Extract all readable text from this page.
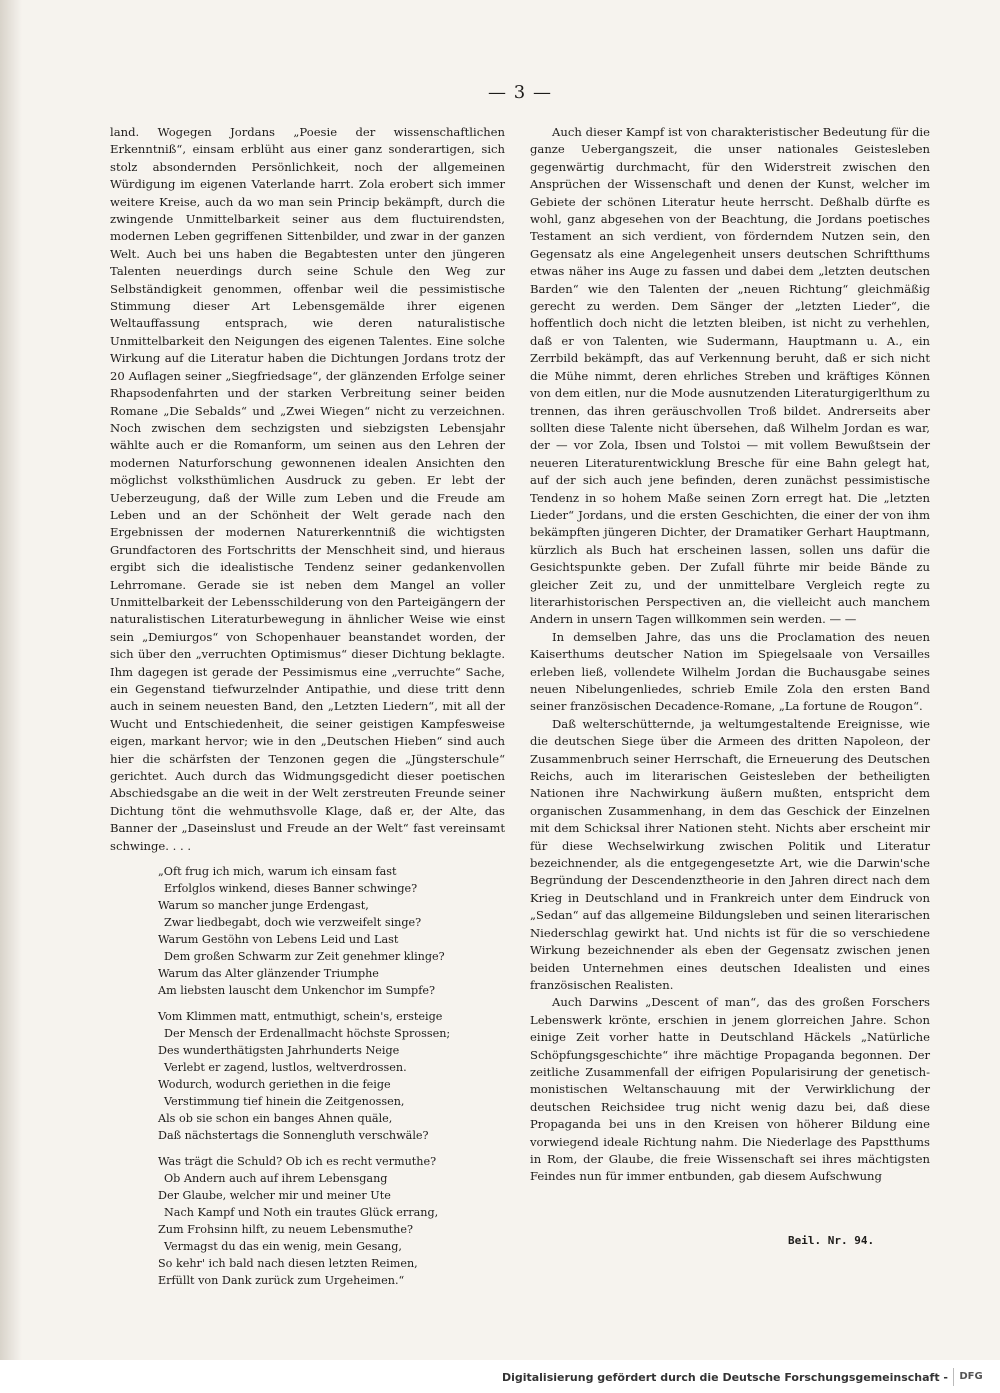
— 3 —

land. Wogegen Jordans „Poesie der wissenschaftlichen Erkenntniß“, einsam erblüht aus einer ganz sonderartigen, sich stolz absondernden Persönlichkeit, noch der allgemeinen Würdigung im eigenen Vaterlande harrt. Zola erobert sich immer weitere Kreise, auch da wo man sein Princip bekämpft, durch die zwingende Unmittelbarkeit seiner aus dem fluctuirendsten, modernen Leben gegriffenen Sittenbilder, und zwar in der ganzen Welt. Auch bei uns haben die Begabtesten unter den jüngeren Talenten neuerdings durch seine Schule den Weg zur Selbständigkeit genommen, offenbar weil die pessimistische Stimmung dieser Art Lebensgemälde ihrer eigenen Weltauffassung entsprach, wie deren naturalistische Unmittelbarkeit den Neigungen des eigenen Talentes. Eine solche Wirkung auf die Literatur haben die Dichtungen Jordans trotz der 20 Auflagen seiner „Siegfriedsage“, der glänzenden Erfolge seiner Rhapsodenfahrten und der starken Verbreitung seiner beiden Romane „Die Sebalds“ und „Zwei Wiegen“ nicht zu verzeichnen. Noch zwischen dem sechzigsten und siebzigsten Lebensjahr wählte auch er die Romanform, um seinen aus den Lehren der modernen Naturforschung gewonnenen idealen Ansichten den möglichst volksthümlichen Ausdruck zu geben. Er lebt der Ueberzeugung, daß der Wille zum Leben und die Freude am Leben und an der Schönheit der Welt gerade nach den Ergebnissen der modernen Naturerkenntniß die wichtigsten Grundfactoren des Fortschritts der Menschheit sind, und hieraus ergibt sich die idealistische Tendenz seiner gedankenvollen Lehrromane. Gerade sie ist neben dem Mangel an voller Unmittelbarkeit der Lebensschilderung von den Parteigängern der naturalistischen Literaturbewegung in ähnlicher Weise wie einst sein „Demiurgos“ von Schopenhauer beanstandet worden, der sich über den „verruchten Optimismus“ dieser Dichtung beklagte. Ihm dagegen ist gerade der Pessimismus eine „verruchte“ Sache, ein Gegenstand tiefwurzelnder Antipathie, und diese tritt denn auch in seinem neuesten Band, den „Letzten Liedern“, mit all der Wucht und Entschiedenheit, die seiner geistigen Kampfesweise eigen, markant hervor; wie in den „Deutschen Hieben“ sind auch hier die schärfsten der Tenzonen gegen die „Jüngsterschule“ gerichtet. Auch durch das Widmungsgedicht dieser poetischen Abschiedsgabe an die weit in der Welt zerstreuten Freunde seiner Dichtung tönt die wehmuthsvolle Klage, daß er, der Alte, das Banner der „Daseinslust und Freude an der Welt“ fast vereinsamt schwinge. . . .

„Oft frug ich mich, warum ich einsam fast
Erfolglos winkend, dieses Banner schwinge?
Warum so mancher junge Erdengast,
Zwar liedbegabt, doch wie verzweifelt singe?
Warum Gestöhn von Lebens Leid und Last
Dem großen Schwarm zur Zeit genehmer klinge?
Warum das Alter glänzender Triumphe
Am liebsten lauscht dem Unkenchor im Sumpfe?
Vom Klimmen matt, entmuthigt, schein's, ersteige
Der Mensch der Erdenallmacht höchste Sprossen;
Des wunderthätigsten Jahrhunderts Neige
Verlebt er zagend, lustlos, weltverdrossen.
Wodurch, wodurch geriethen in die feige
Verstimmung tief hinein die Zeitgenossen,
Als ob sie schon ein banges Ahnen quäle,
Daß nächstertags die Sonnengluth verschwäle?
Was trägt die Schuld? Ob ich es recht vermuthe?
Ob Andern auch auf ihrem Lebensgang
Der Glaube, welcher mir und meiner Ute
Nach Kampf und Noth ein trautes Glück errang,
Zum Frohsinn hilft, zu neuem Lebensmuthe?
Vermagst du das ein wenig, mein Gesang,
So kehr' ich bald nach diesen letzten Reimen,
Erfüllt von Dank zurück zum Urgeheimen.“

Auch dieser Kampf ist von charakteristischer Bedeutung für die ganze Uebergangszeit, die unser nationales Geistesleben gegenwärtig durchmacht, für den Widerstreit zwischen den Ansprüchen der Wissenschaft und denen der Kunst, welcher im Gebiete der schönen Literatur heute herrscht. Deßhalb dürfte es wohl, ganz abgesehen von der Beachtung, die Jordans poetisches Testament an sich verdient, von förderndem Nutzen sein, den Gegensatz als eine Angelegenheit unsers deutschen Schriftthums etwas näher ins Auge zu fassen und dabei dem „letzten deutschen Barden“ wie den Talenten der „neuen Richtung“ gleichmäßig gerecht zu werden. Dem Sänger der „letzten Lieder“, die hoffentlich doch nicht die letzten bleiben, ist nicht zu verhehlen, daß er von Talenten, wie Sudermann, Hauptmann u. A., ein Zerrbild bekämpft, das auf Verkennung beruht, daß er sich nicht die Mühe nimmt, deren ehrliches Streben und kräftiges Können von dem eitlen, nur die Mode ausnutzenden Literaturgigerlthum zu trennen, das ihren geräuschvollen Troß bildet. Andrerseits aber sollten diese Talente nicht übersehen, daß Wilhelm Jordan es war, der — vor Zola, Ibsen und Tolstoi — mit vollem Bewußtsein der neueren Literaturentwicklung Bresche für eine Bahn gelegt hat, auf der sich auch jene befinden, deren zunächst pessimistische Tendenz in so hohem Maße seinen Zorn erregt hat. Die „letzten Lieder“ Jordans, und die ersten Geschichten, die einer der von ihm bekämpften jüngeren Dichter, der Dramatiker Gerhart Hauptmann, kürzlich als Buch hat erscheinen lassen, sollen uns dafür die Gesichtspunkte geben. Der Zufall führte mir beide Bände zu gleicher Zeit zu, und der unmittelbare Vergleich regte zu literarhistorischen Perspectiven an, die vielleicht auch manchem Andern in unsern Tagen willkommen sein werden. — —

In demselben Jahre, das uns die Proclamation des neuen Kaiserthums deutscher Nation im Spiegelsaale von Versailles erleben ließ, vollendete Wilhelm Jordan die Buchausgabe seines neuen Nibelungenliedes, schrieb Emile Zola den ersten Band seiner französischen Decadence-Romane, „La fortune de Rougon“.

Daß welterschütternde, ja weltumgestaltende Ereignisse, wie die deutschen Siege über die Armeen des dritten Napoleon, der Zusammenbruch seiner Herrschaft, die Erneuerung des Deutschen Reichs, auch im literarischen Geistesleben der betheiligten Nationen ihre Nachwirkung äußern mußten, entspricht dem organischen Zusammenhang, in dem das Geschick der Einzelnen mit dem Schicksal ihrer Nationen steht. Nichts aber erscheint mir für diese Wechselwirkung zwischen Politik und Literatur bezeichnender, als die entgegengesetzte Art, wie die Darwin'sche Begründung der Descendenztheorie in den Jahren direct nach dem Krieg in Deutschland und in Frankreich unter dem Eindruck von „Sedan“ auf das allgemeine Bildungsleben und seinen literarischen Niederschlag gewirkt hat. Und nichts ist für die so verschiedene Wirkung bezeichnender als eben der Gegensatz zwischen jenen beiden Unternehmen eines deutschen Idealisten und eines französischen Realisten.

Auch Darwins „Descent of man“, das des großen Forschers Lebenswerk krönte, erschien in jenem glorreichen Jahre. Schon einige Zeit vorher hatte in Deutschland Häckels „Natürliche Schöpfungsgeschichte“ ihre mächtige Propaganda begonnen. Der zeitliche Zusammenfall der eifrigen Popularisirung der genetisch-monistischen Weltanschauung mit der Verwirklichung der deutschen Reichsidee trug nicht wenig dazu bei, daß diese Propaganda bei uns in den Kreisen von höherer Bildung eine vorwiegend ideale Richtung nahm. Die Niederlage des Papstthums in Rom, der Glaube, die freie Wissenschaft sei ihres mächtigsten Feindes nun für immer entbunden, gab diesem Aufschwung

Beil. Nr. 94.
Digitalisierung gefördert durch die Deutsche Forschungsgemeinschaft -	DFG
